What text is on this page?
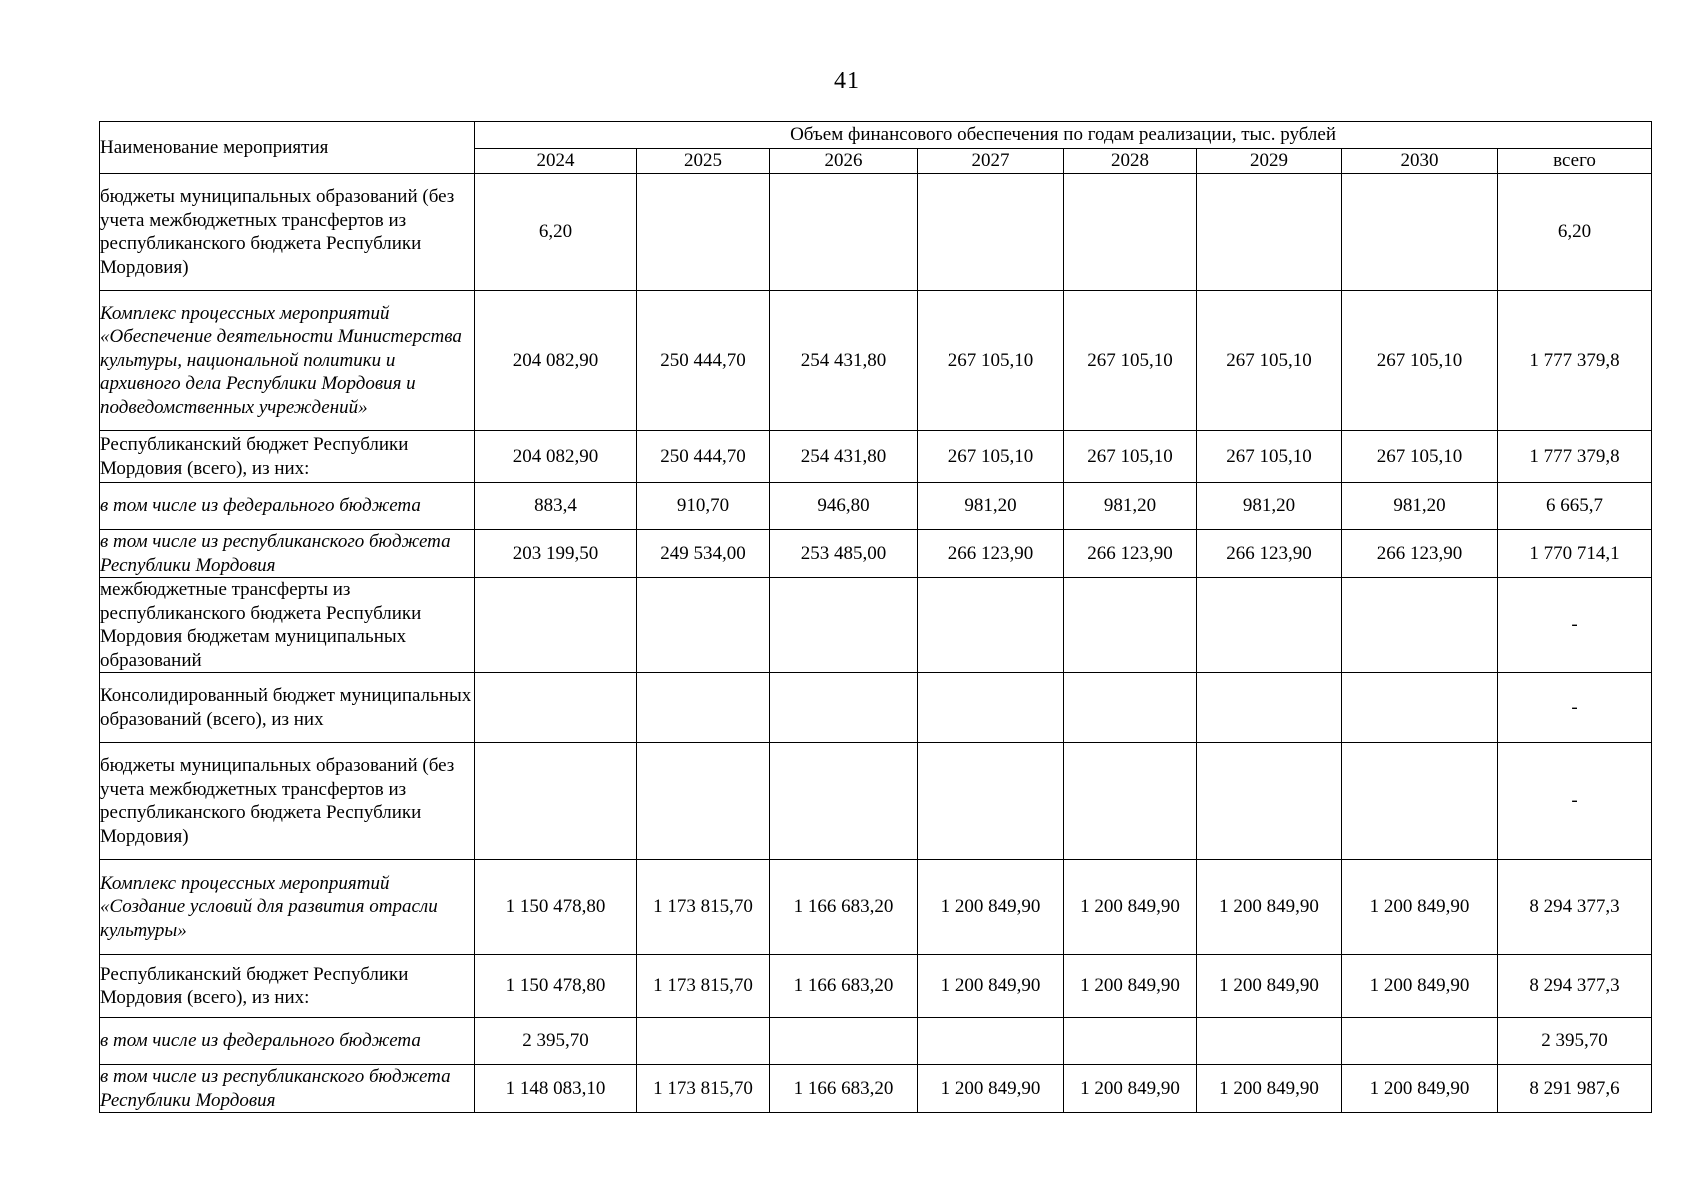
41
Наименование мероприятия	Объем финансового обеспечения по годам реализации, тыс. рублей							
	2024	2025	2026	2027	2028	2029	2030	всего
бюджеты муниципальных образований (без учета межбюджетных трансфертов из республиканского бюджета Республики Мордовия)	6,20							6,20
Комплекс процессных мероприятий «Обеспечение деятельности Министерства культуры, национальной политики и архивного дела Республики Мордовия и подведомственных учреждений»	204 082,90	250 444,70	254 431,80	267 105,10	267 105,10	267 105,10	267 105,10	1 777 379,8
Республиканский бюджет Республики Мордовия (всего), из них:	204 082,90	250 444,70	254 431,80	267 105,10	267 105,10	267 105,10	267 105,10	1 777 379,8
в том числе из федерального бюджета	883,4	910,70	946,80	981,20	981,20	981,20	981,20	6 665,7
в том числе из республиканского бюджета Республики Мордовия	203 199,50	249 534,00	253 485,00	266 123,90	266 123,90	266 123,90	266 123,90	1 770 714,1
межбюджетные трансферты из республиканского бюджета Республики Мордовия бюджетам муниципальных образований								-
Консолидированный бюджет муниципальных образований (всего), из них								-
бюджеты муниципальных образований (без учета межбюджетных трансфертов из республиканского бюджета Республики Мордовия)								-
Комплекс процессных мероприятий «Создание условий для развития отрасли культуры»	1 150 478,80	1 173 815,70	1 166 683,20	1 200 849,90	1 200 849,90	1 200 849,90	1 200 849,90	8 294 377,3
Республиканский бюджет Республики Мордовия (всего), из них:	1 150 478,80	1 173 815,70	1 166 683,20	1 200 849,90	1 200 849,90	1 200 849,90	1 200 849,90	8 294 377,3
в том числе из федерального бюджета	2 395,70							2 395,70
в том числе из республиканского бюджета Республики Мордовия	1 148 083,10	1 173 815,70	1 166 683,20	1 200 849,90	1 200 849,90	1 200 849,90	1 200 849,90	8 291 987,6
